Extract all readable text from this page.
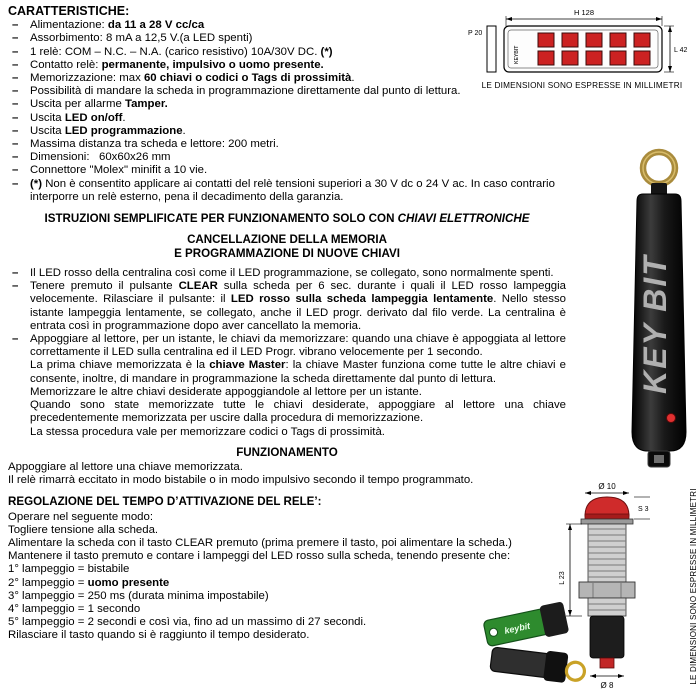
CARATTERISTICHE:
– Alimentazione: da 11 a 28 V cc/ca
– Assorbimento: 8 mA a 12,5 V.(a LED spenti)
– 1 relè: COM – N.C. – N.A. (carico resistivo) 10A/30V DC. (*)
– Contatto relè: permanente, impulsivo o uomo presente.
– Memorizzazione: max 60 chiavi o codici o Tags di prossimità.
– Possibilità di mandare la scheda in programmazione direttamente dal punto di lettura.
– Uscita per allarme Tamper.
– Uscita LED on/off.
– Uscita LED programmazione.
– Massima distanza tra scheda e lettore: 200 metri.
– Dimensioni:   60x60x26 mm
– Connettore "Molex" minifit a 10 vie.
– (*) Non è consentito applicare ai contatti del relè tensioni superiori a 30 V dc o 24 V ac. In caso contrario interporre un relè esterno, pena il decadimento della garanzia.
ISTRUZIONI SEMPLIFICATE PER FUNZIONAMENTO SOLO CON CHIAVI ELETTRONICHE
CANCELLAZIONE DELLA MEMORIA
E PROGRAMMAZIONE DI NUOVE CHIAVI
– Il LED rosso della centralina così come il LED programmazione, se collegato, sono normalmente spenti.
– Tenere premuto il pulsante CLEAR sulla scheda per 6 sec. durante i quali il LED rosso lampeggia velocemente. Rilasciare il pulsante: il LED rosso sulla scheda lampeggia lentamente. Nello stesso istante lampeggia lentamente, se collegato, anche il LED progr. derivato dal filo verde. La centralina è entrata così in programmazione dopo aver cancellato la memoria.
– Appoggiare al lettore, per un istante, le chiavi da memorizzare: quando una chiave è appoggiata al lettore correttamente il LED sulla centralina ed il LED Progr. vibrano velocemente per 1 secondo.
La prima chiave memorizzata è la chiave Master: la chiave Master funziona come tutte le altre chiavi e consente, inoltre, di mandare in programmazione la scheda direttamente dal punto di lettura.
Memorizzare le altre chiavi desiderate appoggiandole al lettore per un istante.
Quando sono state memorizzate tutte le chiavi desiderate, appoggiare al lettore una chiave precedentemente memorizzata per uscire dalla procedura di memorizzazione.
La stessa procedura vale per memorizzare codici o Tags di prossimità.
FUNZIONAMENTO
Appoggiare al lettore una chiave memorizzata.
Il relè rimarrà eccitato in modo bistabile o in modo impulsivo secondo il tempo programmato.
REGOLAZIONE DEL TEMPO D’ATTIVAZIONE DEL RELE’:
Operare nel seguente modo:
Togliere tensione alla scheda.
Alimentare la scheda con il tasto CLEAR premuto (prima premere il tasto, poi alimentare la scheda.)
Mantenere il tasto premuto e contare i lampeggi del LED rosso sulla scheda, tenendo presente che:
1° lampeggio = bistabile
2° lampeggio = uomo presente
3° lampeggio = 250 ms (durata minima impostabile)
4° lampeggio = 1 secondo
5° lampeggio = 2 secondi e così via, fino ad un massimo di 27 secondi.
Rilasciare il tasto quando si è raggiunto il tempo desiderato.
H 128
P 20
KEYBIT	L 42
LE DIMENSIONI SONO ESPRESSE IN MILLIMETRI
KEY BIT
Ø 10
S 3
L 23
Ø 8
LE DIMENSIONI SONO ESPRESSE IN MILLIMETRI
keybit
